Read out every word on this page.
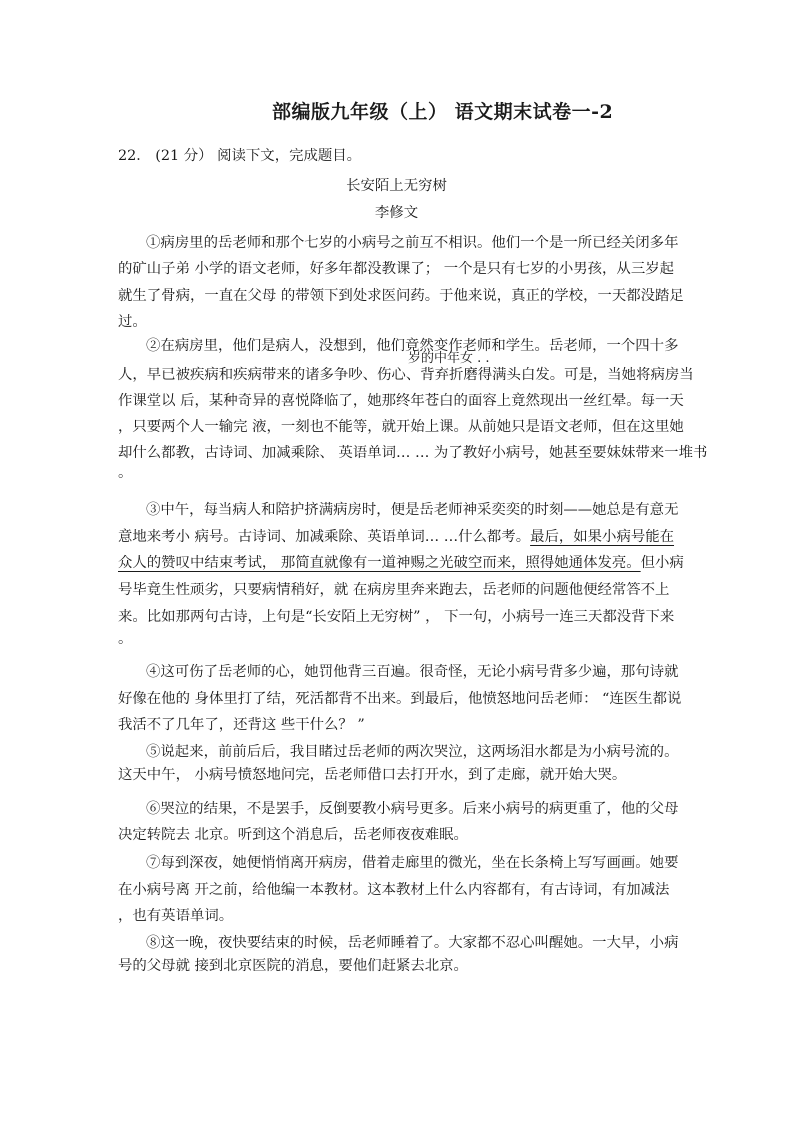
部编版九年级（上） 语文期末试卷一-2
22． (21 分） 阅读下文，完成题目。
长安陌上无穷树
李修文
①病房里的岳老师和那个七岁的小病号之前互不相识。他们一个是一所已经关闭多年
的矿山子弟 小学的语文老师，好多年都没教课了； 一个是只有七岁的小男孩，从三岁起
就生了骨病，一直在父母 的带领下到处求医问药。于他来说，真正的学校，一天都没踏足
过。
②在病房里，他们是病人，没想到，他们竟然变作老师和学生。岳老师，一个四十多
岁的中年女 . .
人，早已被疾病和疾病带来的诸多争吵、伤心、背弃折磨得满头白发。可是，当她将病房当
作课堂以 后，某种奇异的喜悦降临了，她那终年苍白的面容上竟然现出一丝红晕。每一天
，只要两个人一输完 液，一刻也不能等，就开始上课。从前她只是语文老师，但在这里她
却什么都教，古诗词、加减乘除、 英语单词… … 为了教好小病号，她甚至要妹妹带来一堆书
。
③中午，每当病人和陪护挤满病房时，便是岳老师神采奕奕的时刻——她总是有意无
意地来考小 病号。古诗词、加减乘除、英语单词… …什么都考。最后，如果小病号能在
众人的赞叹中结束考试， 那简直就像有一道神赐之光破空而来，照得她通体发亮。但小病
号毕竟生性顽劣，只要病情稍好，就 在病房里奔来跑去，岳老师的问题他便经常答不上
来。比如那两句古诗，上句是“长安陌上无穷树” ， 下一句，小病号一连三天都没背下来
。
④这可伤了岳老师的心，她罚他背三百遍。很奇怪，无论小病号背多少遍，那句诗就
好像在他的 身体里打了结，死活都背不出来。到最后，他愤怒地问岳老师： “连医生都说
我活不了几年了，还背这 些干什么？ ”
⑤说起来，前前后后，我目睹过岳老师的两次哭泣，这两场泪水都是为小病号流的。
这天中午， 小病号愤怒地问完，岳老师借口去打开水，到了走廊，就开始大哭。
⑥哭泣的结果，不是罢手，反倒要教小病号更多。后来小病号的病更重了，他的父母
决定转院去 北京。听到这个消息后，岳老师夜夜难眠。
⑦每到深夜，她便悄悄离开病房，借着走廊里的微光，坐在长条椅上写写画画。她要
在小病号离 开之前，给他编一本教材。这本教材上什么内容都有，有古诗词，有加减法
，也有英语单词。
⑧这一晚，夜快要结束的时候，岳老师睡着了。大家都不忍心叫醒她。一大早，小病
号的父母就 接到北京医院的消息，要他们赶紧去北京。
